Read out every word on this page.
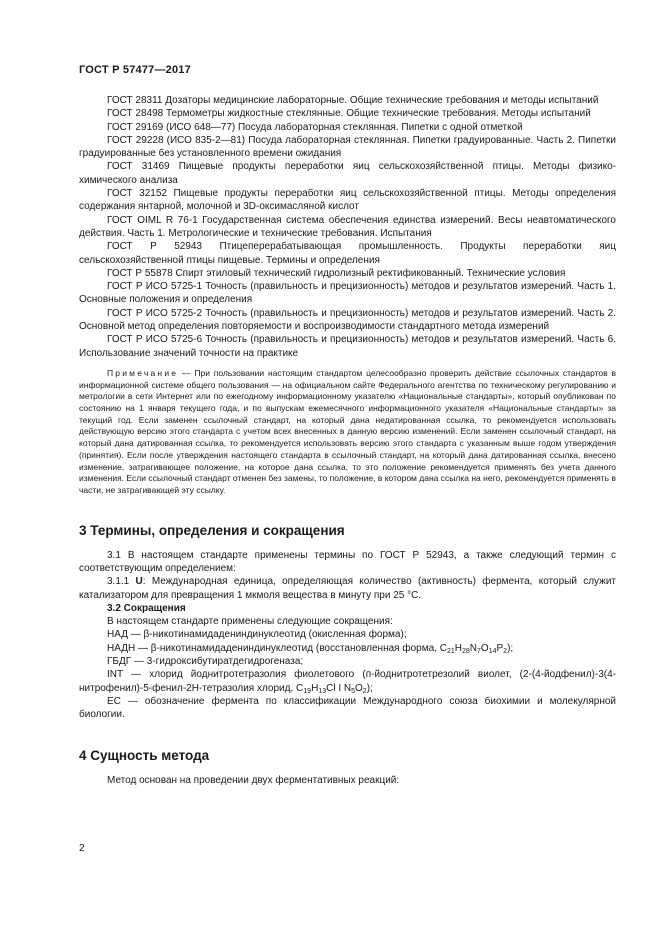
ГОСТ Р 57477—2017

ГОСТ 28311 Дозаторы медицинские лабораторные. Общие технические требования и методы испытаний

ГОСТ 28498 Термометры жидкостные стеклянные. Общие технические требования. Методы испытаний

ГОСТ 29169 (ИСО 648—77) Посуда лабораторная стеклянная. Пипетки с одной отметкой

ГОСТ 29228 (ИСО 835-2—81) Посуда лабораторная стеклянная. Пипетки градуированные. Часть 2. Пипетки градуированные без установленного времени ожидания

ГОСТ 31469 Пищевые продукты переработки яиц сельскохозяйственной птицы. Методы физико-химического анализа

ГОСТ 32152 Пищевые продукты переработки яиц сельскохозяйственной птицы. Методы определения содержания янтарной, молочной и 3D-оксимасляной кислот

ГОСТ OIML R 76-1 Государственная система обеспечения единства измерений. Весы неавтоматического действия. Часть 1. Метрологические и технические требования. Испытания

ГОСТ Р 52943 Птицеперерабатывающая промышленность. Продукты переработки яиц сельскохозяйственной птицы пищевые. Термины и определения

ГОСТ Р 55878 Спирт этиловый технический гидролизный ректификованный. Технические условия

ГОСТ Р ИСО 5725-1 Точность (правильность и прецизионность) методов и результатов измерений. Часть 1. Основные положения и определения

ГОСТ Р ИСО 5725-2 Точность (правильность и прецизионность) методов и результатов измерений. Часть 2. Основной метод определения повторяемости и воспроизводимости стандартного метода измерений

ГОСТ Р ИСО 5725-6 Точность (правильность и прецизионность) методов и результатов измерений. Часть 6. Использование значений точности на практике

Примечание — При пользовании настоящим стандартом целесообразно проверить действие ссылочных стандартов в информационной системе общего пользования — на официальном сайте Федерального агентства по техническому регулированию и метрологии в сети Интернет или по ежегодному информационному указателю «Национальные стандарты», который опубликован по состоянию на 1 января текущего года, и по выпускам ежемесячного информационного указателя «Национальные стандарты» за текущий год. Если заменен ссылочный стандарт, на который дана недатированная ссылка, то рекомендуется использовать действующую версию этого стандарта с учетом всех внесенных в данную версию изменений. Если заменен ссылочный стандарт, на который дана датированная ссылка, то рекомендуется использовать версию этого стандарта с указанным выше годом утверждения (принятия). Если после утверждения настоящего стандарта в ссылочный стандарт, на который дана датированная ссылка, внесено изменение, затрагивающее положение, на которое дана ссылка, то это положение рекомендуется применять без учета данного изменения. Если ссылочный стандарт отменен без замены, то положение, в котором дана ссылка на него, рекомендуется применять в части, не затрагивающей эту ссылку.

3 Термины, определения и сокращения

3.1 В настоящем стандарте применены термины по ГОСТ Р 52943, а также следующий термин с соответствующим определением:

3.1.1 U: Международная единица, определяющая количество (активность) фермента, который служит катализатором для превращения 1 мкмоля вещества в минуту при 25 °С.

3.2 Сокращения

В настоящем стандарте применены следующие сокращения:

НАД — β-никотинамидадениндинуклеотид (окисленная форма);

НАДН — β-никотинамидадениндинуклеотид (восстановленная форма, $C_{21}H_{28}N_7O_{14}P_2$);

ГБДГ — 3-гидроксибутиратдегидрогеназа;

INT — хлорид йоднитротетразолия фиолетового (п-йоднитротетрезолий виолет, (2-(4-йодфенил)-3(4-нитрофенил)-5-фенил-2Н-тетразолия хлорид, $C_{19}H_{13}Cl$ I $N_5O_2$);

ЕС — обозначение фермента по классификации Международного союза биохимии и молекулярной биологии.

4 Сущность метода

Метод основан на проведении двух ферментативных реакций:

2
